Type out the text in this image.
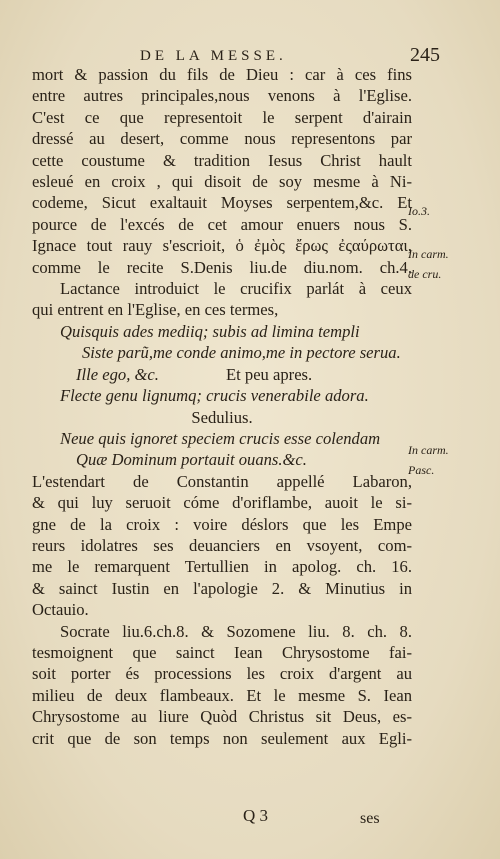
DE LA MESSE.	245
mort & passion du fils de Dieu : car à ces fins
entre autres principales,nous venons à l'Eglise.
C'est ce que representoit le serpent d'airain
dressé au desert, comme nous representons par
cette coustume & tradition Iesus Christ hault
esleué en croix , qui disoit de soy mesme à Ni-
codeme, Sicut exaltauit Moyses serpentem,&c. Et
pource de l'excés de cet amour enuers nous S.
Ignace tout rauy s'escrioit, ὁ ἐμὸς ἔρως ἐςαύρωται,
comme le recite S.Denis liu.de diu.nom. ch.4.
Lactance introduict le crucifix parlát à ceux
qui entrent en l'Eglise, en ces termes,
Quisquis ades mediiq; subis ad limina templi
Siste parũ,me conde animo,me in pectore serua.
Ille ego, &c.	Et peu apres.
Flecte genu lignumq; crucis venerabile adora.
Sedulius.
Neue quis ignoret speciem crucis esse colendam
Quæ Dominum portauit ouans.&c.
L'estendart de Constantin appellé Labaron,
& qui luy seruoit cóme d'oriflambe, auoit le si-
gne de la croix : voire déslors que les Empe
reurs idolatres ses deuanciers en vsoyent, com-
me le remarquent Tertullien in apolog. ch. 16.
& sainct Iustin en l'apologie 2. & Minutius in
Octauio.
Socrate liu.6.ch.8. & Sozomene liu. 8. ch. 8.
tesmoignent que sainct Iean Chrysostome fai-
soit porter és processions les croix d'argent au
milieu de deux flambeaux. Et le mesme S. Iean
Chrysostome au liure Quòd Christus sit Deus, es-
crit que de son temps non seulement aux Egli-
Io.3.
In carm.
de cru.
In carm.
Pasc.
Q 3	ses
